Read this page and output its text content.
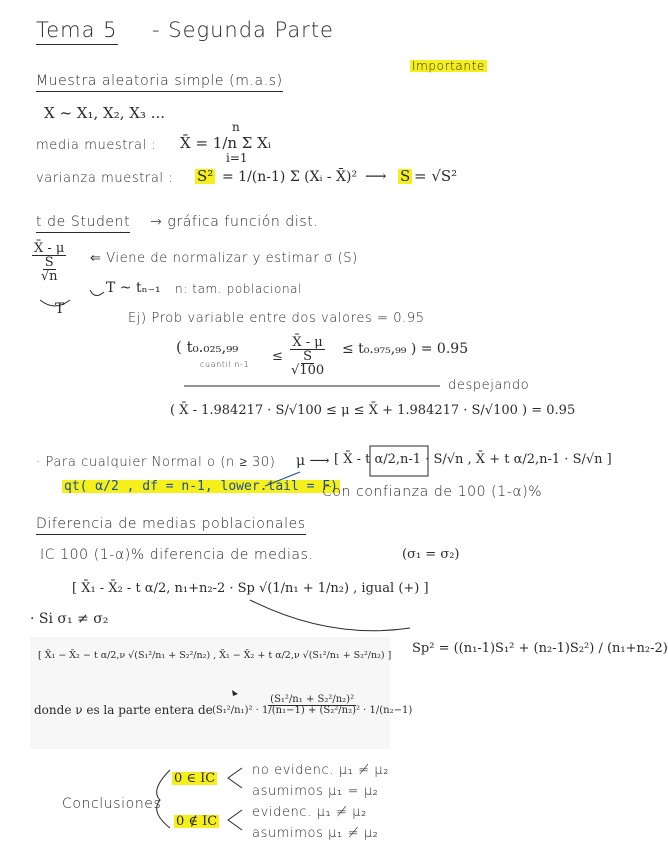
Tema 5 - Segunda Parte
Importante
Muestra aleatoria simple (m.a.s)
X ~ X₁, X₂, X₃ ...
media muestral : X̄ = 1/n Σ Xᵢ
n
i=1
varianza muestral : S² = 1/(n-1) Σ (Xᵢ - X̄)² ⟶ S = √S²
t de Student → gráfica función dist.
$\frac{X̄ - \mu}{\frac{S}{√n}}$ ⇐ Viene de normalizar y estimar σ (S)
T ~ tₙ₋₁ n: tam. poblacional
T
Ej) Prob variable entre dos valores = 0.95
( t₀.₀₂₅,₉₉
cuantil n-1
≤ $\frac{X̄ - \mu}{\frac{S}{√100}} \le t_0._{975},_{99}$ ) = 0.95
despejando
( X̄ - 1.984217 · S/√100 ≤ μ ≤ X̄ + 1.984217 · S/√100 ) = 0.95
· Para cualquier Normal o (n ≥ 30) μ ⟶ [ X̄ - t α/2,n-1 · S/√n , X̄ + t α/2,n-1 · S/√n ]
qt( α/2 , df = n-1, lower.tail = F)
Con confianza de 100 (1-α)%
Diferencia de medias poblacionales
IC 100 (1-α)% diferencia de medias.	(σ₁ = σ₂)
[ X̄₁ - X̄₂ - t α/2, n₁+n₂-2 · Sp √(1/n₁ + 1/n₂) , igual (+) ]
· Si σ₁ ≠ σ₂
Sp² = ((n₁-1)S₁² + (n₂-1)S₂²) / (n₁+n₂-2)
[ X̄₁ − X̄₂ − t α/2,ν √(S₁²/n₁ + S₂²/n₂) , X̄₁ − X̄₂ + t α/2,ν √(S₁²/n₁ + S₂²/n₂) ]
donde ν es la parte entera de
$\frac{\text{(S₁²/n₁ + S₂²/n₂)²}}{\text{(S₁²/n₁)² · 1/(n₁−1) + (S₂²/n₂)² · 1/(n₂−1)}}$
Conclusiones
0 ∈ IC
0 ∉ IC
no evidenc. μ₁ ≠ μ₂
asumimos μ₁ = μ₂
evidenc. μ₁ ≠ μ₂
asumimos μ₁ ≠ μ₂
